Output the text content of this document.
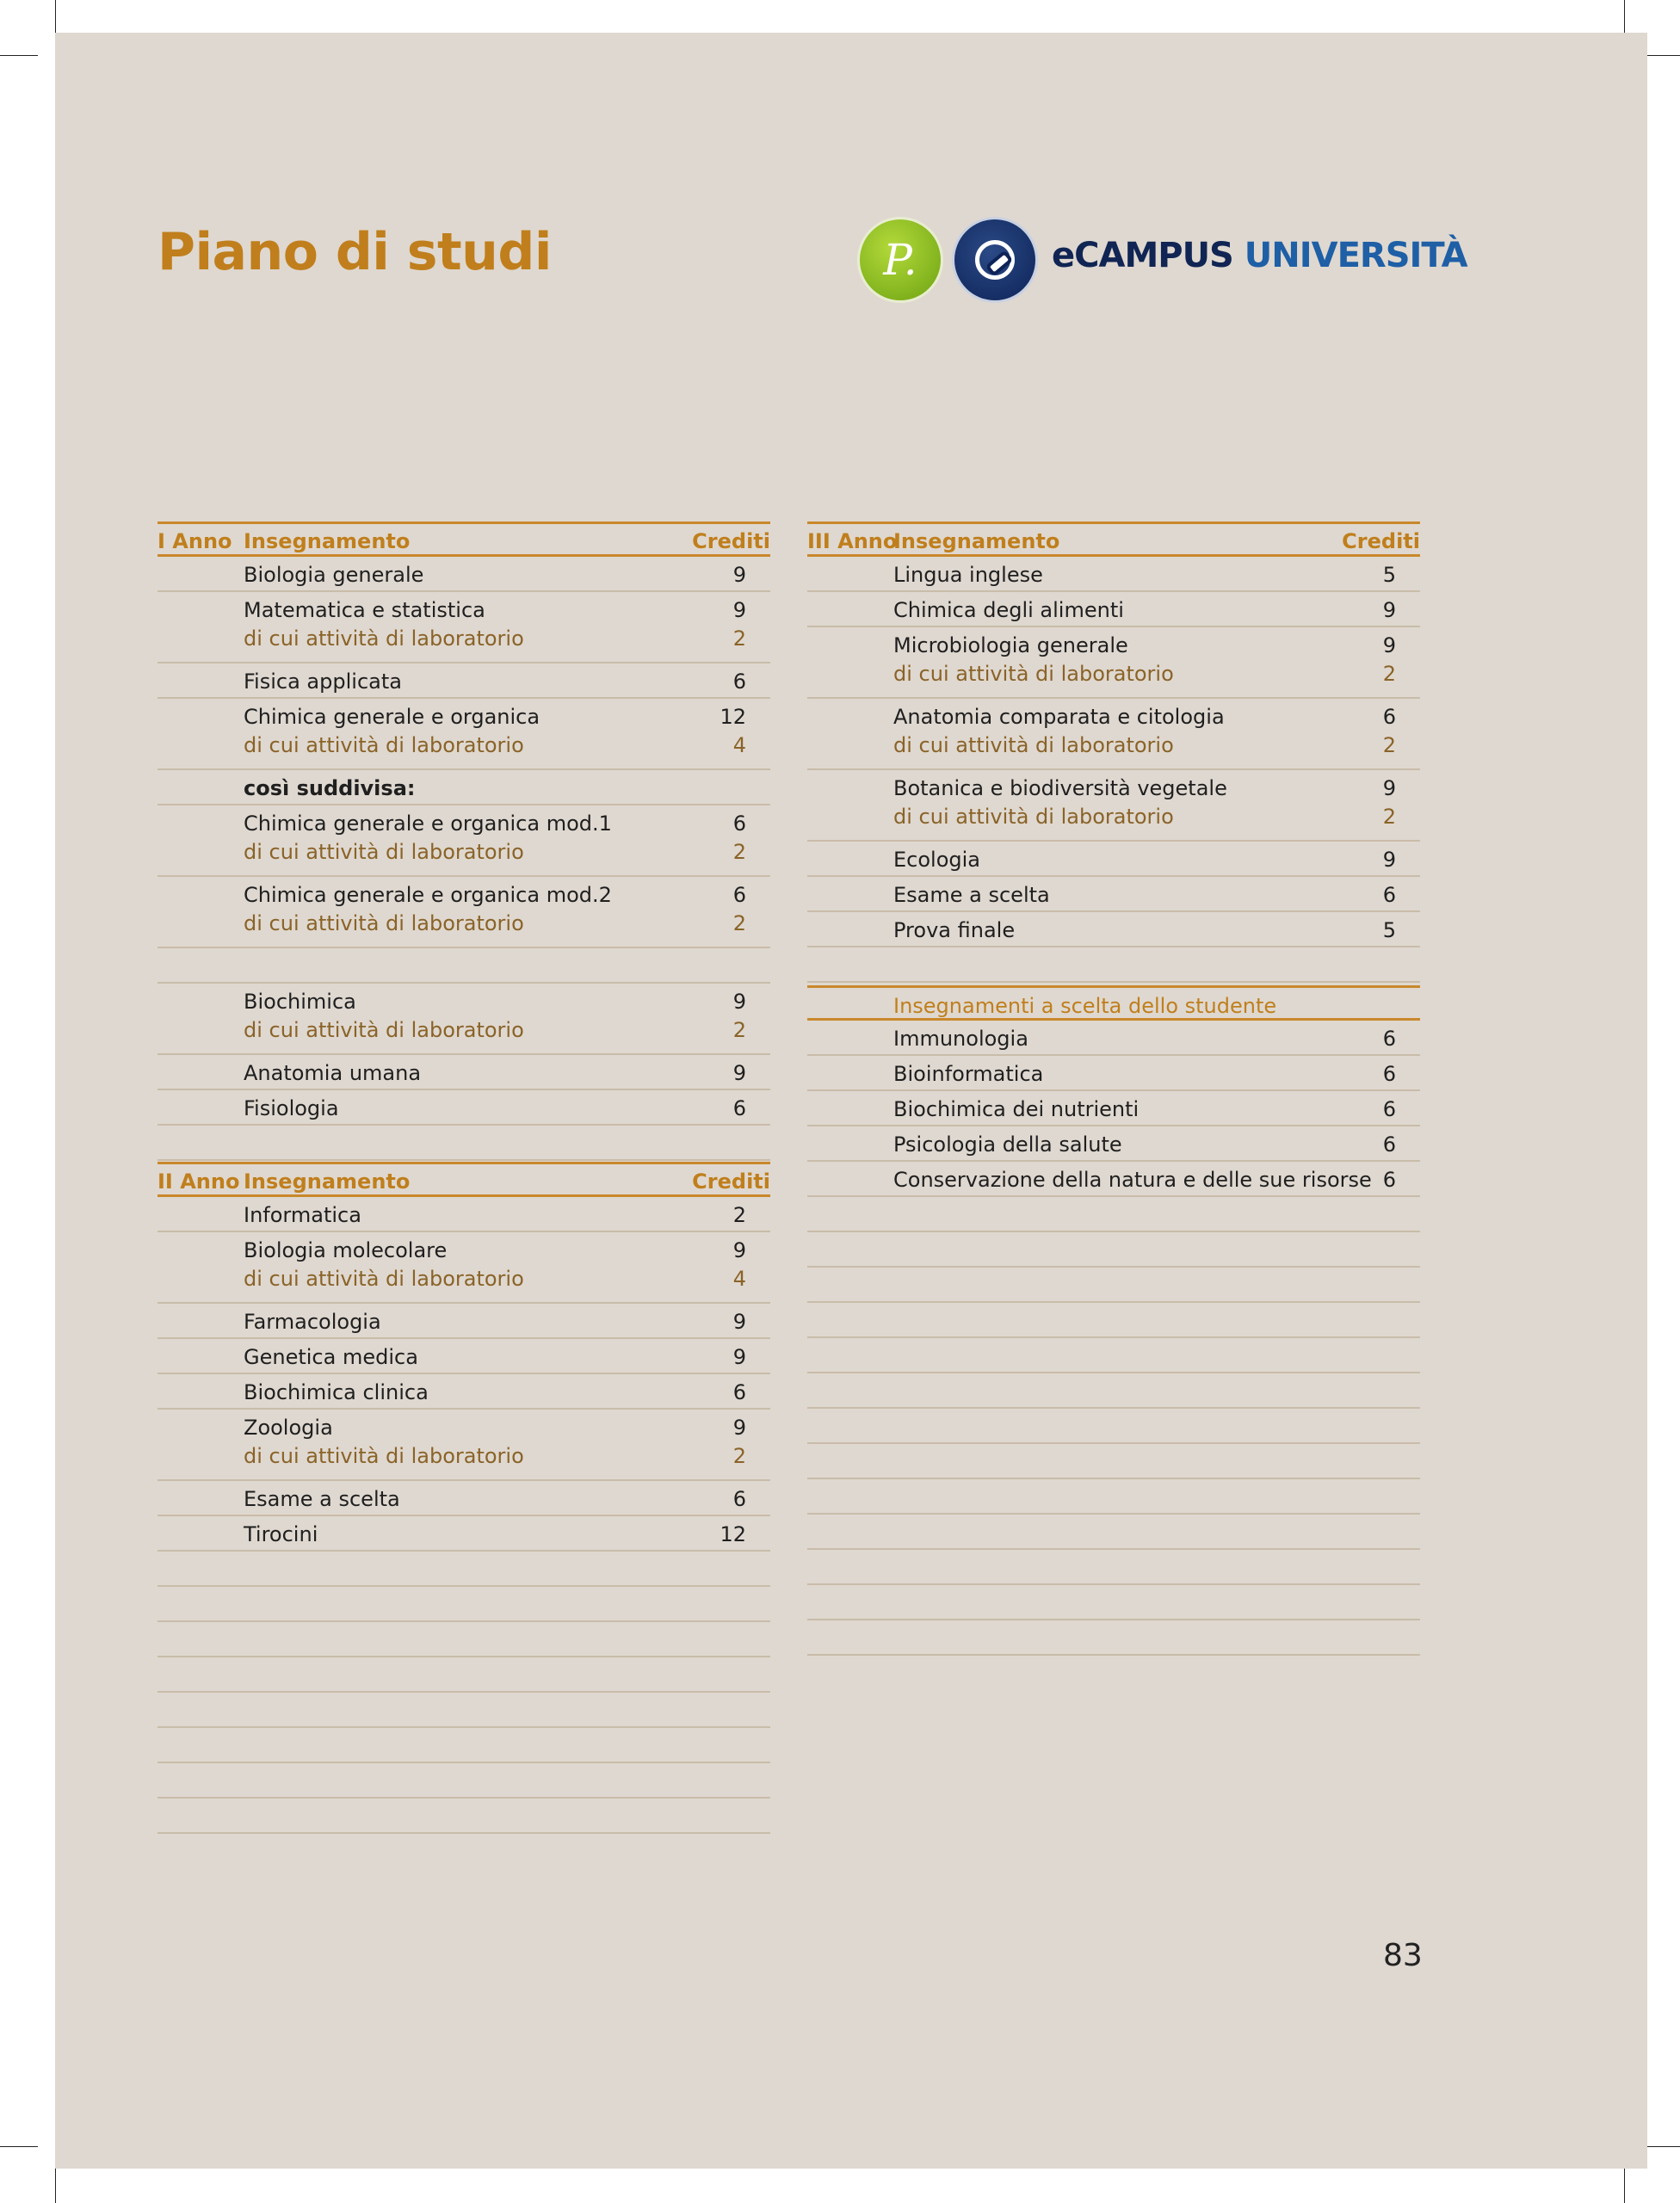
Piano di studi	P.	eCAMPUS UNIVERSITÀ
I Anno Insegnamento	Crediti
Biologia generale	9
Matematica e statistica	9
di cui attività di laboratorio	2
Fisica applicata	6
Chimica generale e organica	12
di cui attività di laboratorio	4
così suddivisa:
Chimica generale e organica mod.1	6
di cui attività di laboratorio	2
Chimica generale e organica mod.2	6
di cui attività di laboratorio	2
Biochimica	9
di cui attività di laboratorio	2
Anatomia umana	9
Fisiologia	6
II Anno Insegnamento	Crediti
Informatica	2
Biologia molecolare	9
di cui attività di laboratorio	4
Farmacologia	9
Genetica medica	9
Biochimica clinica	6
Zoologia	9
di cui attività di laboratorio	2
Esame a scelta	6
Tirocini	12
III Anno
Insegnamento	Crediti
Lingua inglese	5
Chimica degli alimenti	9
Microbiologia generale	9
di cui attività di laboratorio	2
Anatomia comparata e citologia	6
di cui attività di laboratorio	2
Botanica e biodiversità vegetale	9
di cui attività di laboratorio	2
Ecologia	9
Esame a scelta	6
Prova finale	5
Insegnamenti a scelta dello studente
Immunologia	6
Bioinformatica	6
Biochimica dei nutrienti	6
Psicologia della salute	6
Conservazione della natura e delle sue risorse 6
83
